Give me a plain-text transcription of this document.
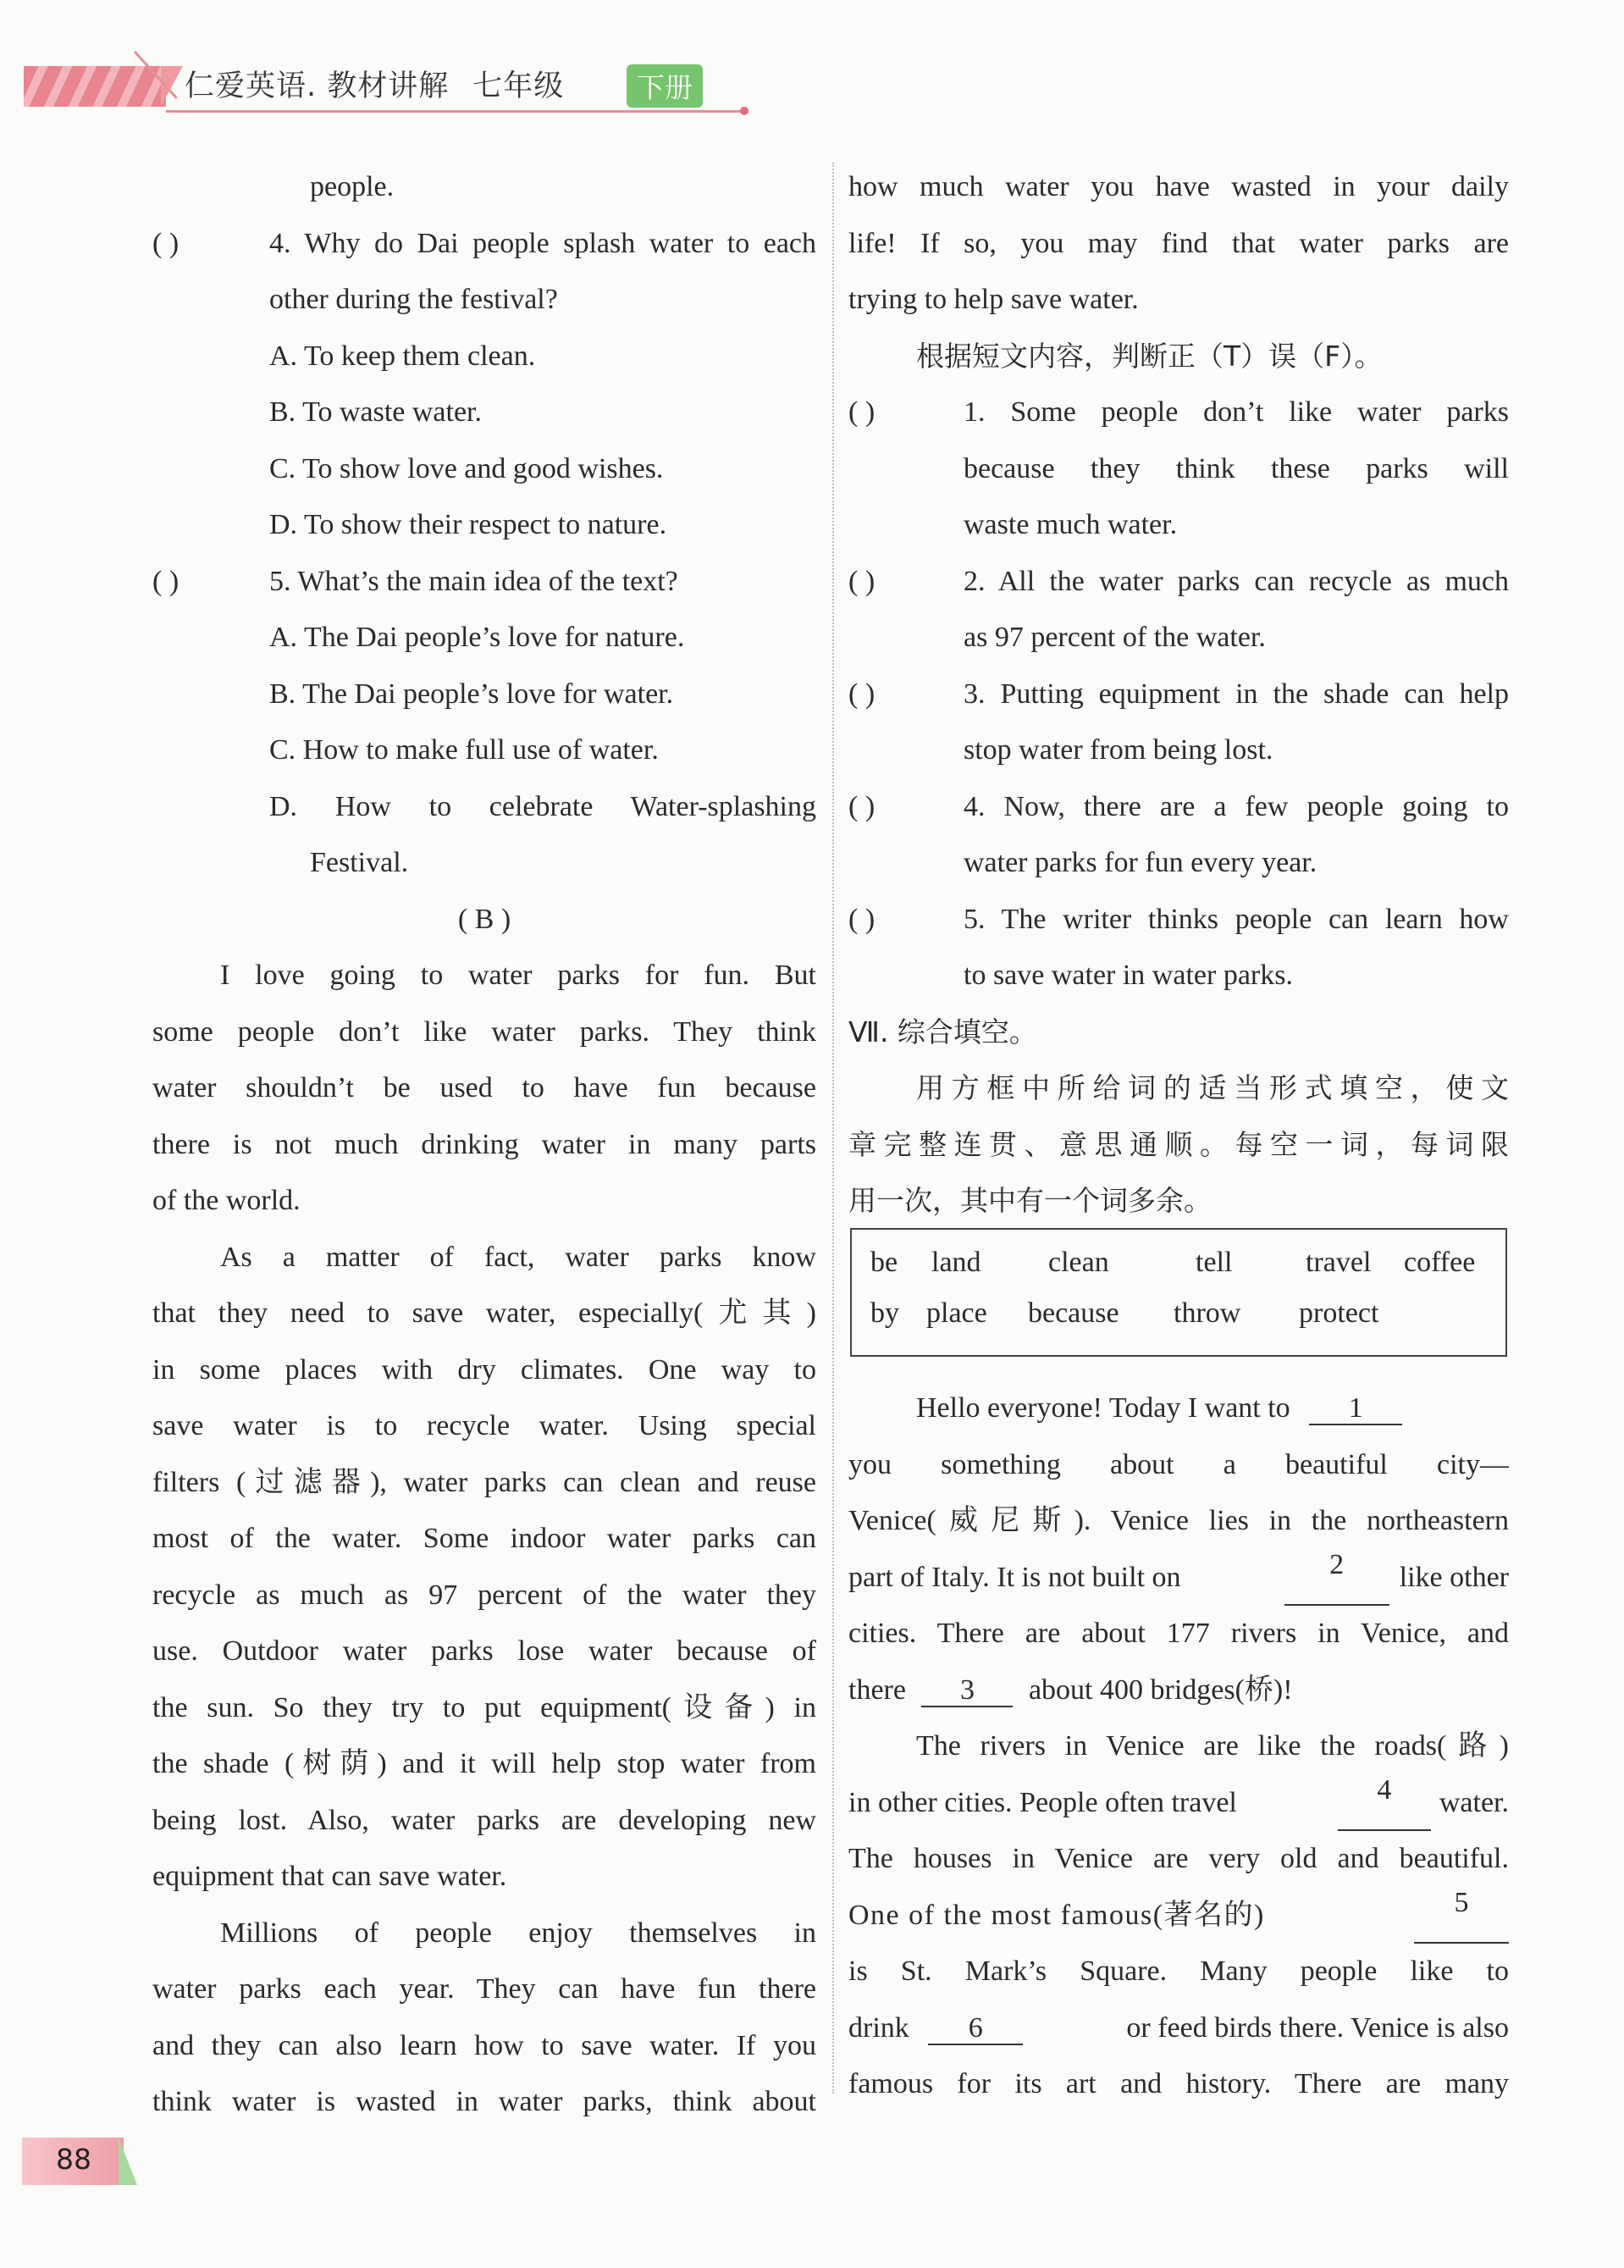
仁爱英语. 教材讲解 七年级	下册
people.
( )	4. Why do Dai people splash water to each
other during the festival?
A. To keep them clean.
B. To waste water.
C. To show love and good wishes.
D. To show their respect to nature.
( )	5. What’s the main idea of the text?
A. The Dai people’s love for nature.
B. The Dai people’s love for water.
C. How to make full use of water.
D. How to celebrate Water-splashing
Festival.
( B )
I love going to water parks for fun. But
some people don’t like water parks. They think
water shouldn’t be used to have fun because
there is not much drinking water in many parts
of the world.
As a matter of fact, water parks know
that they need to save water, especially(尤其)
in some places with dry climates. One way to
save water is to recycle water. Using special
filters (过滤器), water parks can clean and reuse
most of the water. Some indoor water parks can
recycle as much as 97 percent of the water they
use. Outdoor water parks lose water because of
the sun. So they try to put equipment(设备) in
the shade (树荫) and it will help stop water from
being lost. Also, water parks are developing new
equipment that can save water.
Millions of people enjoy themselves in
water parks each year. They can have fun there
and they can also learn how to save water. If you
think water is wasted in water parks, think about
how much water you have wasted in your daily
life! If so, you may find that water parks are
trying to help save water.
根据短文内容，判断正（T）误（F）。
( )	1. Some people don’t like water parks
because they think these parks will
waste much water.
( )	2. All the water parks can recycle as much
as 97 percent of the water.
( )	3. Putting equipment in the shade can help
stop water from being lost.
( )	4. Now, there are a few people going to
water parks for fun every year.
( )	5. The writer thinks people can learn how
to save water in water parks.
Ⅶ. 综合填空。
用方框中所给词的适当形式填空，使文
章完整连贯、意思通顺。每空一词，每词限
用一次，其中有一个词多余。
be land clean	tell	travel coffee
by place because throw protect
Hello everyone! Today I want to 1
you something about a beautiful city—
Venice(威尼斯). Venice lies in the northeastern
part of Italy. It is not built on	2	like other
cities. There are about 177 rivers in Venice, and
there 3 about 400 bridges(桥)!
The rivers in Venice are like the roads(路)
in other cities. People often travel	4	water.
The houses in Venice are very old and beautiful.
One of the most famous(著名的)	5
is St. Mark’s Square. Many people like to
drink 6	or feed birds there. Venice is also
famous for its art and history. There are many
88
